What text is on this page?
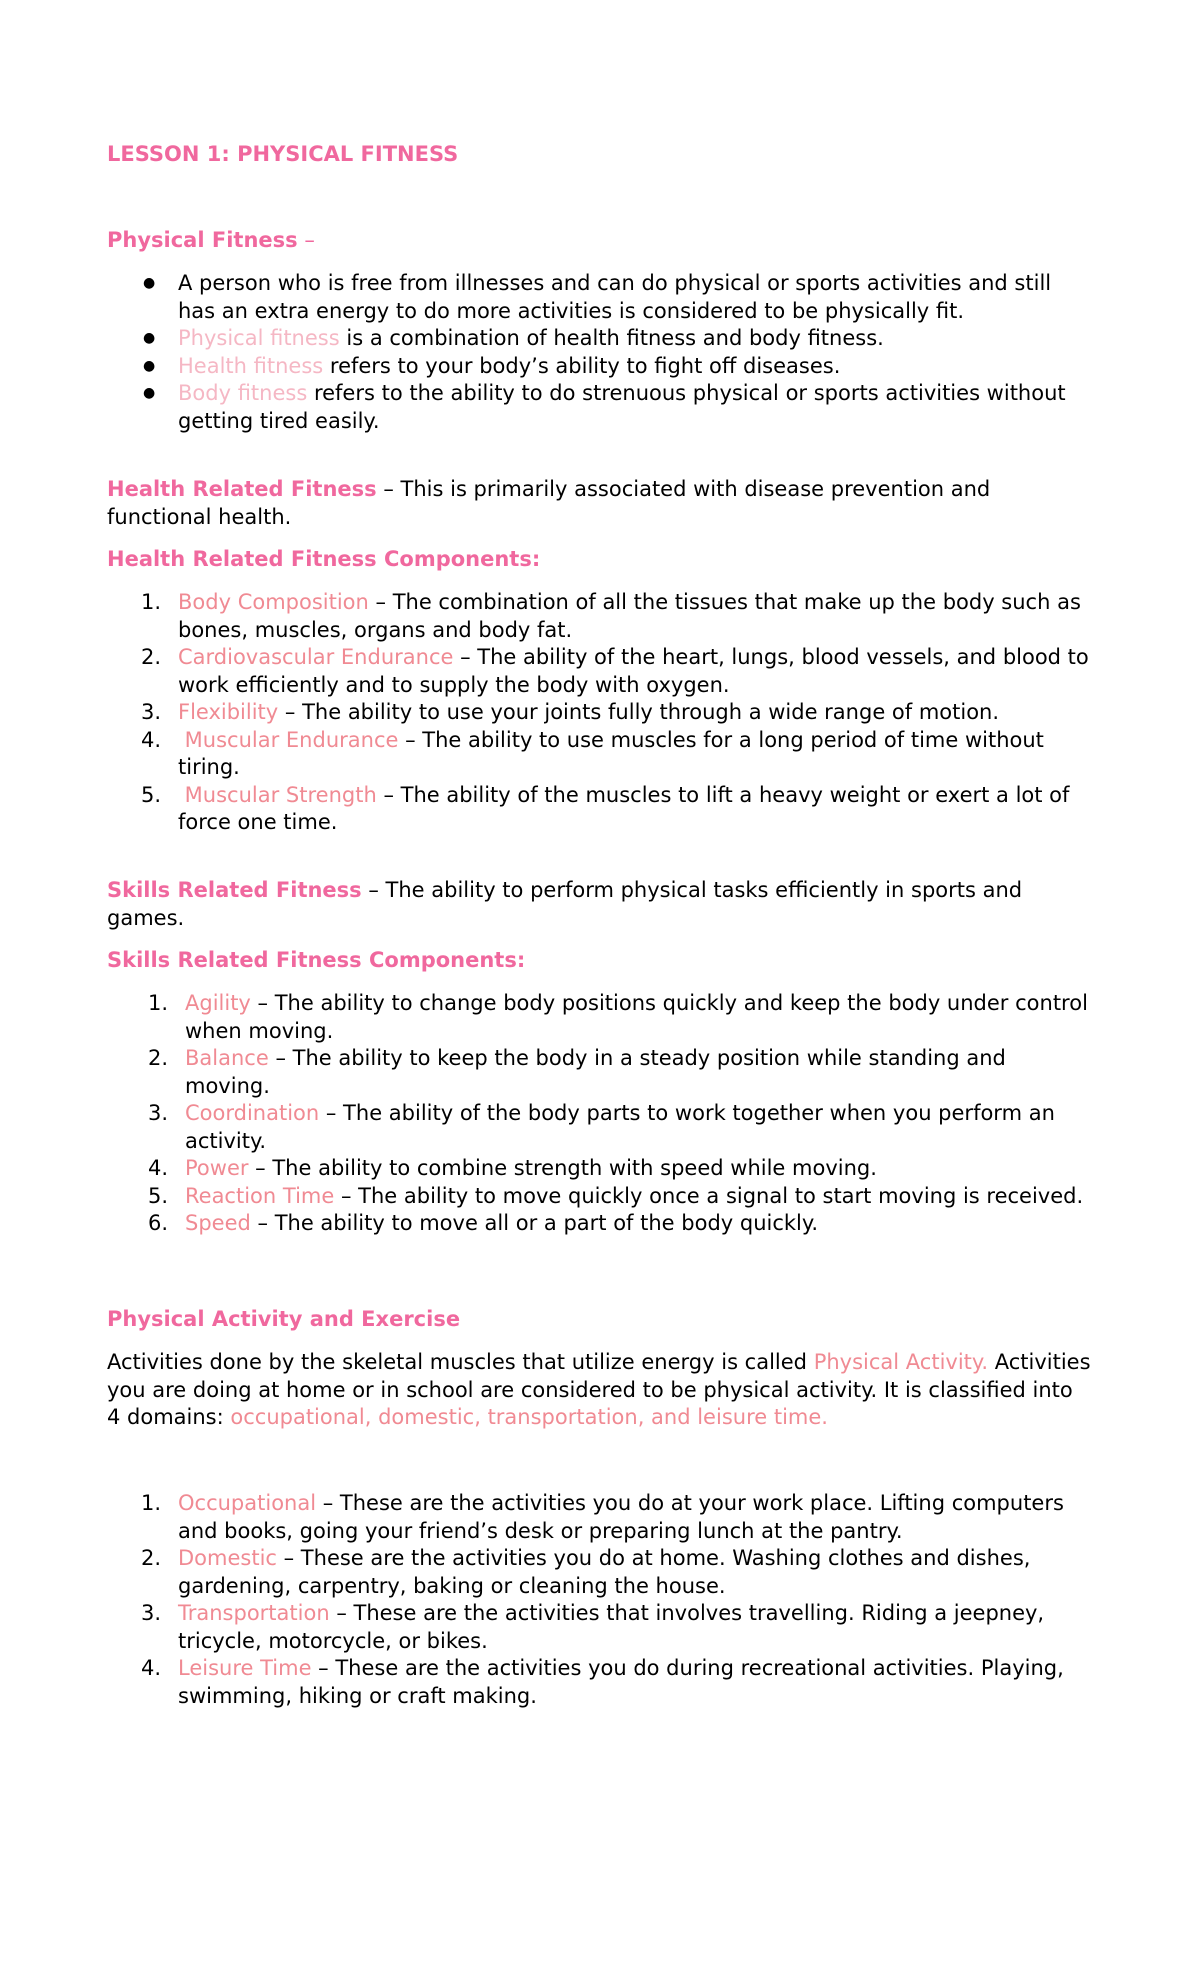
LESSON 1: PHYSICAL FITNESS

Physical Fitness –

● A person who is free from illnesses and can do physical or sports activities and still has an extra energy to do more activities is considered to be physically fit.
● Physical fitness is a combination of health fitness and body fitness.
● Health fitness refers to your body’s ability to fight off diseases.
● Body fitness refers to the ability to do strenuous physical or sports activities without getting tired easily.

Health Related Fitness – This is primarily associated with disease prevention and functional health.

Health Related Fitness Components:

1. Body Composition – The combination of all the tissues that make up the body such as bones, muscles, organs and body fat.
2. Cardiovascular Endurance – The ability of the heart, lungs, blood vessels, and blood to work efficiently and to supply the body with oxygen.
3. Flexibility – The ability to use your joints fully through a wide range of motion.
4. Muscular Endurance – The ability to use muscles for a long period of time without tiring.
5. Muscular Strength – The ability of the muscles to lift a heavy weight or exert a lot of force one time.

Skills Related Fitness – The ability to perform physical tasks efficiently in sports and games.

Skills Related Fitness Components:

1. Agility – The ability to change body positions quickly and keep the body under control when moving.
2. Balance – The ability to keep the body in a steady position while standing and moving.
3. Coordination – The ability of the body parts to work together when you perform an activity.
4. Power – The ability to combine strength with speed while moving.
5. Reaction Time – The ability to move quickly once a signal to start moving is received.
6. Speed – The ability to move all or a part of the body quickly.

Physical Activity and Exercise

Activities done by the skeletal muscles that utilize energy is called Physical Activity. Activities you are doing at home or in school are considered to be physical activity. It is classified into 4 domains: occupational, domestic, transportation, and leisure time.

1. Occupational – These are the activities you do at your work place. Lifting computers and books, going your friend’s desk or preparing lunch at the pantry.
2. Domestic – These are the activities you do at home. Washing clothes and dishes, gardening, carpentry, baking or cleaning the house.
3. Transportation – These are the activities that involves travelling. Riding a jeepney, tricycle, motorcycle, or bikes.
4. Leisure Time – These are the activities you do during recreational activities. Playing, swimming, hiking or craft making.
